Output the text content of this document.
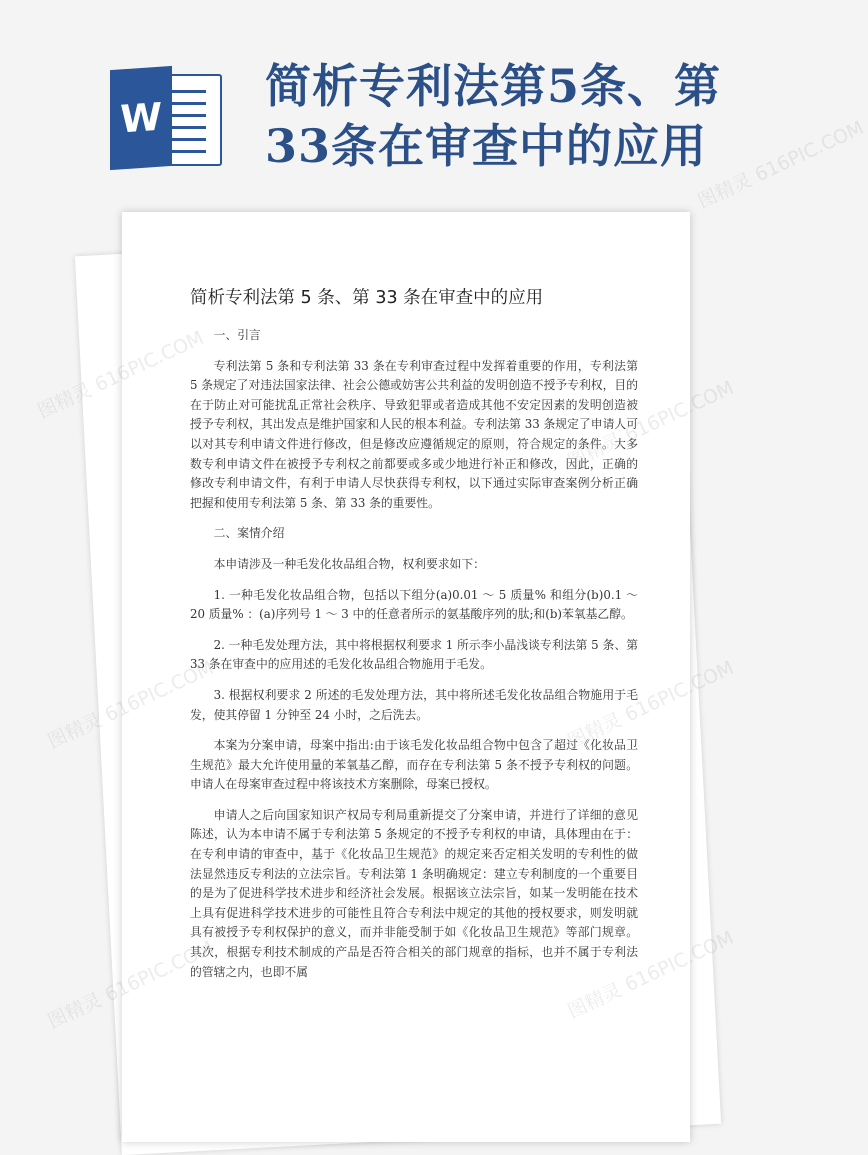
W
简析专利法第5条、第33条在审查中的应用
简析专利法第 5 条、第 33 条在审查中的应用

一、引言

专利法第 5 条和专利法第 33 条在专利审查过程中发挥着重要的作用，专利法第 5 条规定了对违法国家法律、社会公德或妨害公共利益的发明创造不授予专利权，目的在于防止对可能扰乱正常社会秩序、导致犯罪或者造成其他不安定因素的发明创造被授予专利权，其出发点是维护国家和人民的根本利益。专利法第 33 条规定了申请人可以对其专利申请文件进行修改，但是修改应遵循规定的原则，符合规定的条件。大多数专利申请文件在被授予专利权之前都要或多或少地进行补正和修改，因此，正确的修改专利申请文件，有利于申请人尽快获得专利权，以下通过实际审查案例分析正确把握和使用专利法第 5 条、第 33 条的重要性。

二、案情介绍

本申请涉及一种毛发化妆品组合物，权利要求如下：

1. 一种毛发化妆品组合物，包括以下组分(a)0.01 ～ 5 质量% 和组分(b)0.1 ～ 20 质量% ：(a)序列号 1 ～ 3 中的任意者所示的氨基酸序列的肽;和(b)苯氧基乙醇。

2. 一种毛发处理方法，其中将根据权利要求 1 所示李小晶浅谈专利法第 5 条、第 33 条在审查中的应用述的毛发化妆品组合物施用于毛发。

3. 根据权利要求 2 所述的毛发处理方法，其中将所述毛发化妆品组合物施用于毛发，使其停留 1 分钟至 24 小时，之后洗去。

本案为分案申请，母案中指出:由于该毛发化妆品组合物中包含了超过《化妆品卫生规范》最大允许使用量的苯氧基乙醇，而存在专利法第 5 条不授予专利权的问题。申请人在母案审查过程中将该技术方案删除，母案已授权。

申请人之后向国家知识产权局专利局重新提交了分案申请，并进行了详细的意见陈述，认为本申请不属于专利法第 5 条规定的不授予专利权的申请，具体理由在于：在专利申请的审查中，基于《化妆品卫生规范》的规定来否定相关发明的专利性的做法显然违反专利法的立法宗旨。专利法第 1 条明确规定：建立专利制度的一个重要目的是为了促进科学技术进步和经济社会发展。根据该立法宗旨，如某一发明能在技术上具有促进科学技术进步的可能性且符合专利法中规定的其他的授权要求，则发明就具有被授予专利权保护的意义，而并非能受制于如《化妆品卫生规范》等部门规章。其次，根据专利技术制成的产品是否符合相关的部门规章的指标，也并不属于专利法的管辖之内，也即不属

图精灵 616PIC.COM
图精灵
图精灵
图精灵
